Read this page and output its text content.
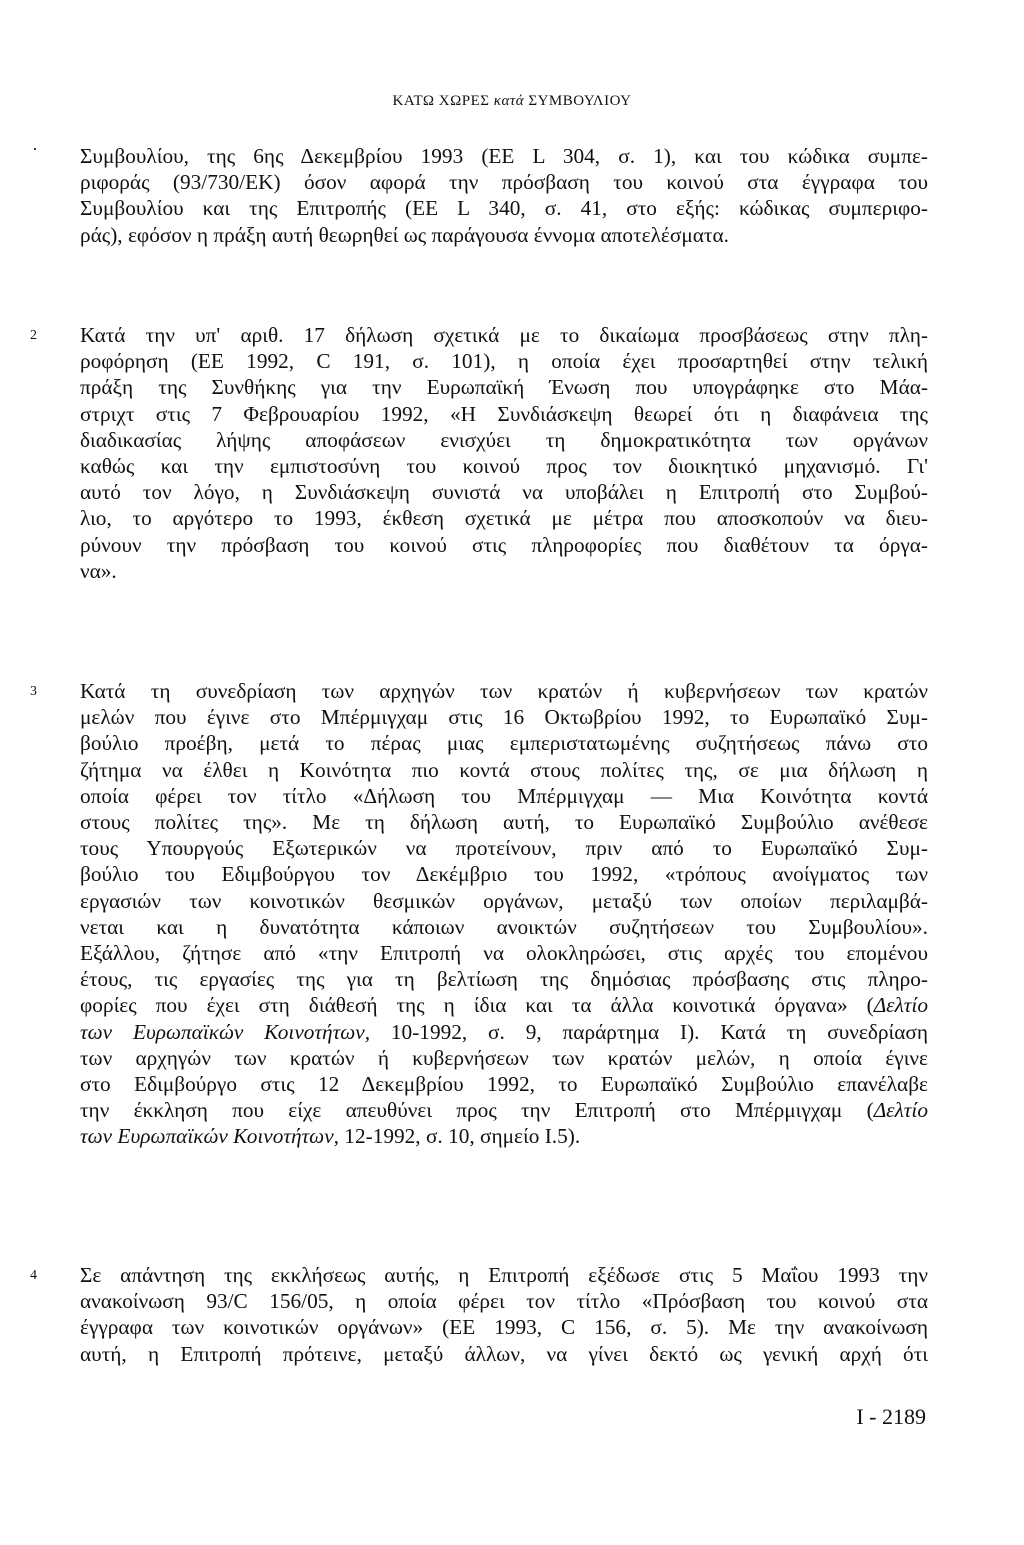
ΚΑΤΩ ΧΩΡΕΣ κατά ΣΥΜΒΟΥΛΙΟΥ
Συμβουλίου, της 6ης Δεκεμβρίου 1993 (ΕΕ L 304, σ. 1), και του κώδικα συμπε-
ριφοράς (93/730/ΕΚ) όσον αφορά την πρόσβαση του κοινού στα έγγραφα του
Συμβουλίου και της Επιτροπής (ΕΕ L 340, σ. 41, στο εξής: κώδικας συμπεριφο-
ράς), εφόσον η πράξη αυτή θεωρηθεί ως παράγουσα έννομα αποτελέσματα.
2 Κατά την υπ' αριθ. 17 δήλωση σχετικά με το δικαίωμα προσβάσεως στην πλη-
ροφόρηση (ΕΕ 1992, C 191, σ. 101), η οποία έχει προσαρτηθεί στην τελική
πράξη της Συνθήκης για την Ευρωπαϊκή Ένωση που υπογράφηκε στο Μάα-
στριχτ στις 7 Φεβρουαρίου 1992, «Η Συνδιάσκεψη θεωρεί ότι η διαφάνεια της
διαδικασίας λήψης αποφάσεων ενισχύει τη δημοκρατικότητα των οργάνων
καθώς και την εμπιστοσύνη του κοινού προς τον διοικητικό μηχανισμό. Γι'
αυτό τον λόγο, η Συνδιάσκεψη συνιστά να υποβάλει η Επιτροπή στο Συμβού-
λιο, το αργότερο το 1993, έκθεση σχετικά με μέτρα που αποσκοπούν να διευ-
ρύνουν την πρόσβαση του κοινού στις πληροφορίες που διαθέτουν τα όργα-
να».
3 Κατά τη συνεδρίαση των αρχηγών των κρατών ή κυβερνήσεων των κρατών
μελών που έγινε στο Μπέρμιγχαμ στις 16 Οκτωβρίου 1992, το Ευρωπαϊκό Συμ-
βούλιο προέβη, μετά το πέρας μιας εμπεριστατωμένης συζητήσεως πάνω στο
ζήτημα να έλθει η Κοινότητα πιο κοντά στους πολίτες της, σε μια δήλωση η
οποία φέρει τον τίτλο «Δήλωση του Μπέρμιγχαμ — Μια Κοινότητα κοντά
στους πολίτες της». Με τη δήλωση αυτή, το Ευρωπαϊκό Συμβούλιο ανέθεσε
τους Υπουργούς Εξωτερικών να προτείνουν, πριν από το Ευρωπαϊκό Συμ-
βούλιο του Εδιμβούργου τον Δεκέμβριο του 1992, «τρόπους ανοίγματος των
εργασιών των κοινοτικών θεσμικών οργάνων, μεταξύ των οποίων περιλαμβά-
νεται και η δυνατότητα κάποιων ανοικτών συζητήσεων του Συμβουλίου».
Εξάλλου, ζήτησε από «την Επιτροπή να ολοκληρώσει, στις αρχές του επομένου
έτους, τις εργασίες της για τη βελτίωση της δημόσιας πρόσβασης στις πληρο-
φορίες που έχει στη διάθεσή της η ίδια και τα άλλα κοινοτικά όργανα» (Δελτίο
των Ευρωπαϊκών Κοινοτήτων, 10-1992, σ. 9, παράρτημα I). Κατά τη συνεδρίαση
των αρχηγών των κρατών ή κυβερνήσεων των κρατών μελών, η οποία έγινε
στο Εδιμβούργο στις 12 Δεκεμβρίου 1992, το Ευρωπαϊκό Συμβούλιο επανέλαβε
την έκκληση που είχε απευθύνει προς την Επιτροπή στο Μπέρμιγχαμ (Δελτίο
των Ευρωπαϊκών Κοινοτήτων, 12-1992, σ. 10, σημείο I.5).
4 Σε απάντηση της εκκλήσεως αυτής, η Επιτροπή εξέδωσε στις 5 Μαΐου 1993 την
ανακοίνωση 93/C 156/05, η οποία φέρει τον τίτλο «Πρόσβαση του κοινού στα
έγγραφα των κοινοτικών οργάνων» (ΕΕ 1993, C 156, σ. 5). Με την ανακοίνωση
αυτή, η Επιτροπή πρότεινε, μεταξύ άλλων, να γίνει δεκτό ως γενική αρχή ότι
I - 2189
